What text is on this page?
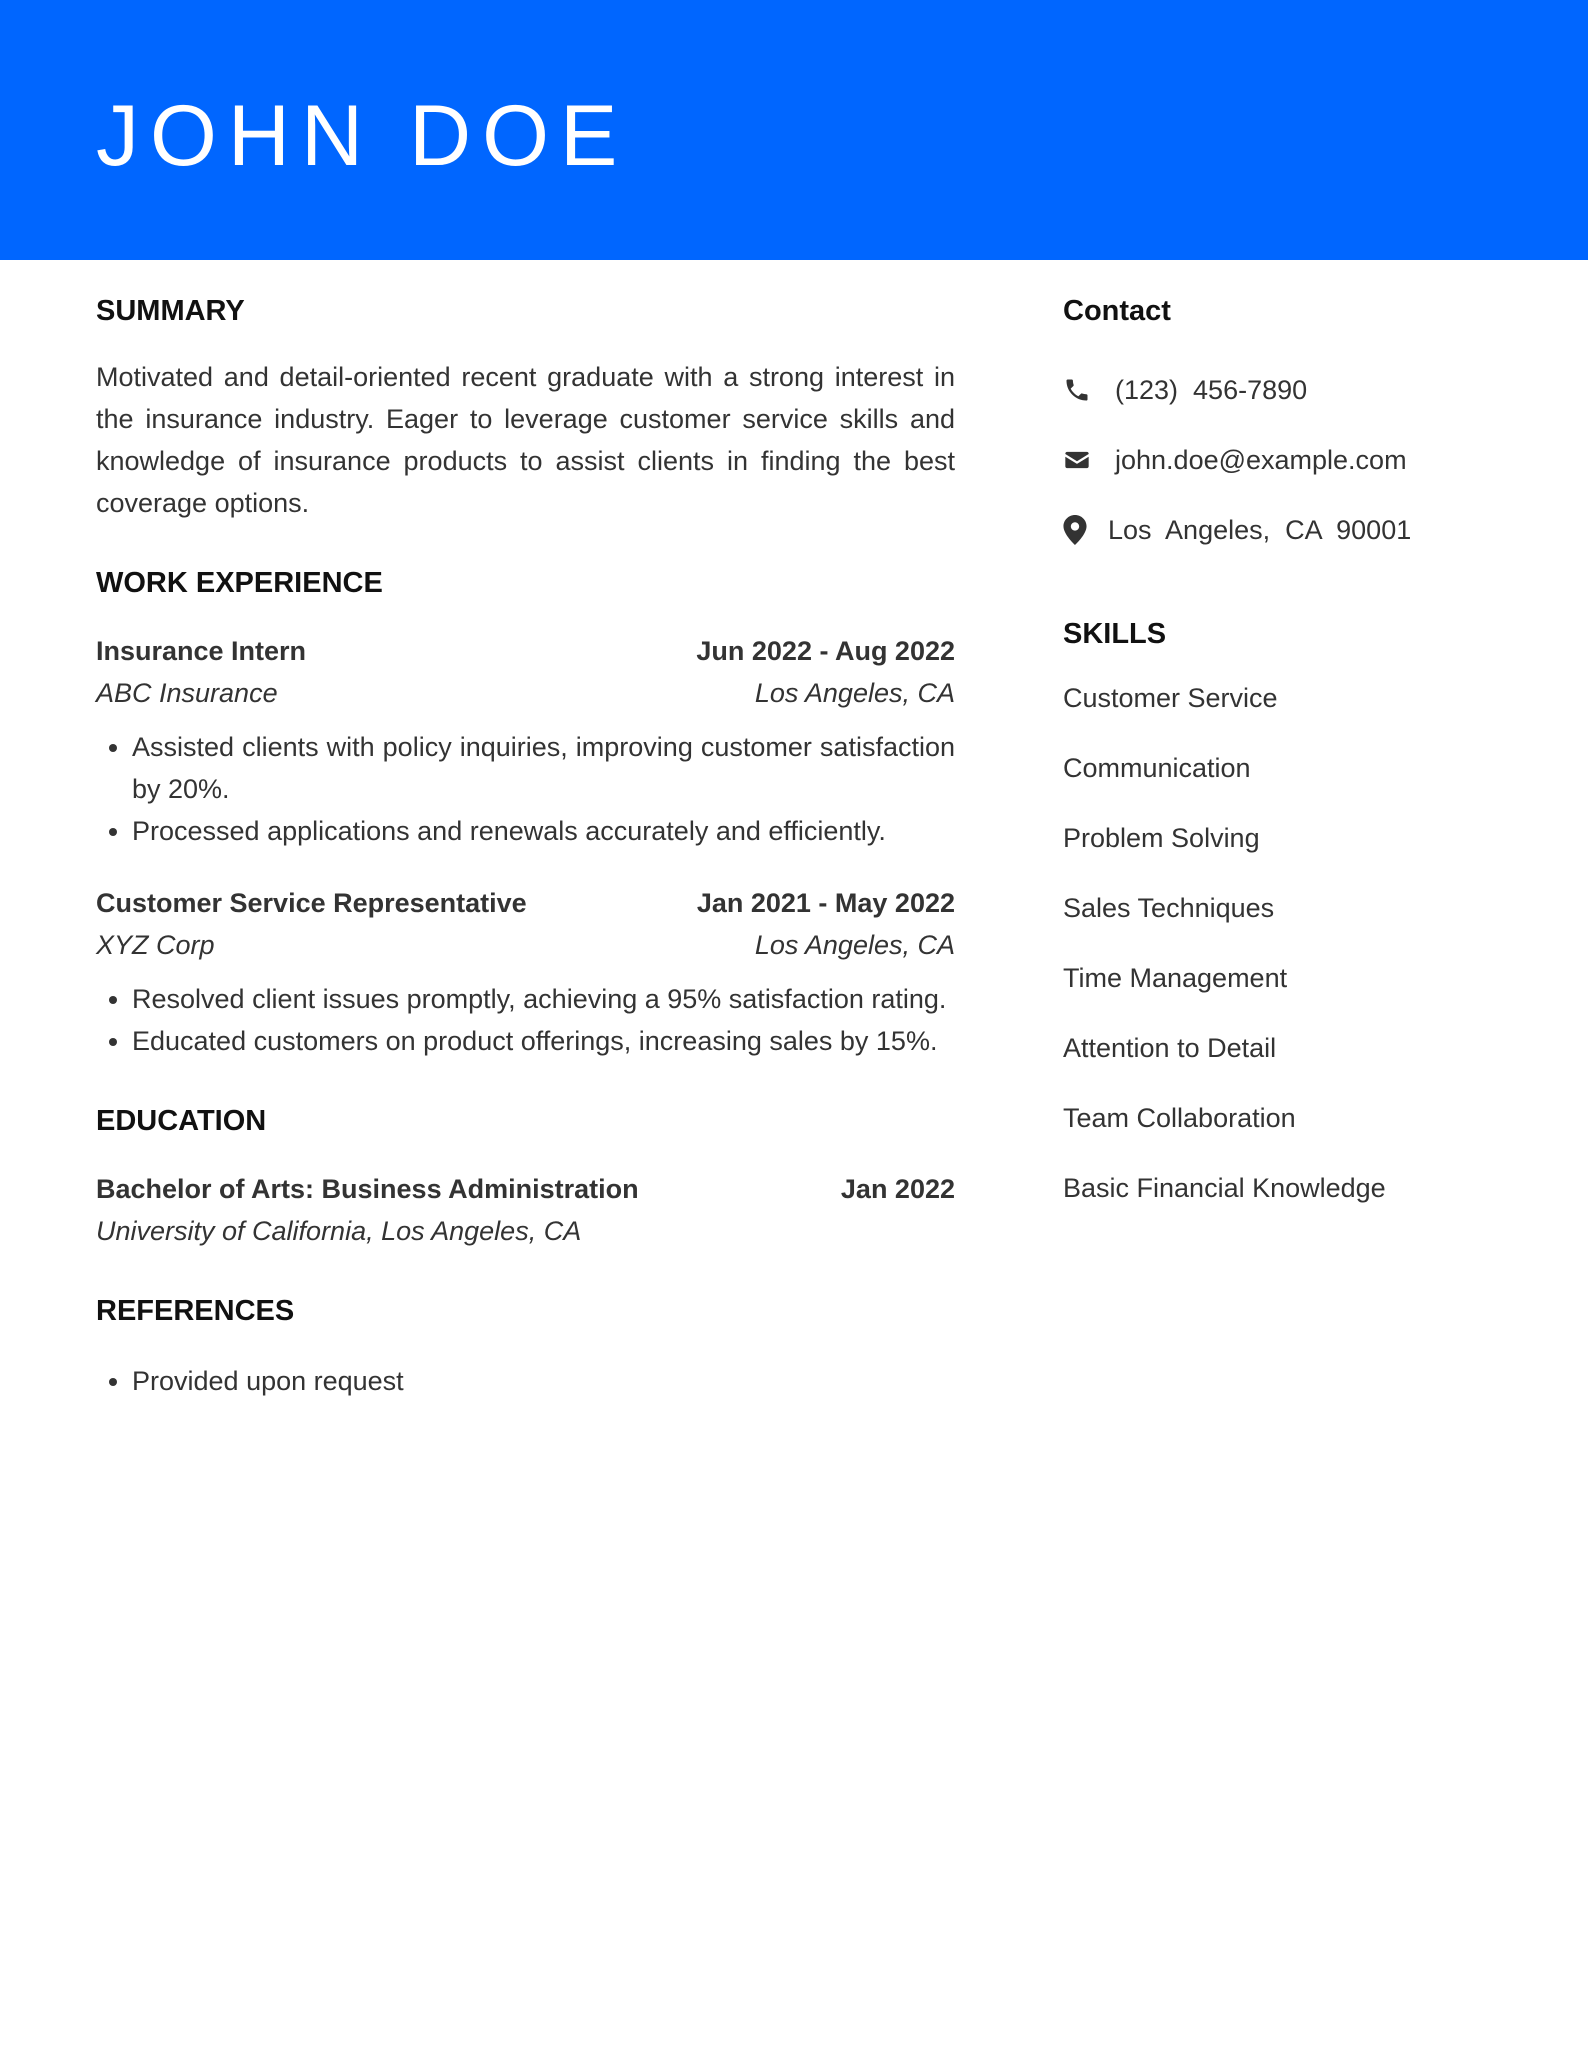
JOHN DOE
SUMMARY
Motivated and detail-oriented recent graduate with a strong interest in the insurance industry. Eager to leverage customer service skills and knowledge of insurance products to assist clients in finding the best coverage options.
WORK EXPERIENCE
Insurance Intern	Jun 2022 - Aug 2022
ABC Insurance	Los Angeles, CA
• Assisted clients with policy inquiries, improving customer satisfaction by 20%.
• Processed applications and renewals accurately and efficiently.
Customer Service Representative	Jan 2021 - May 2022
XYZ Corp	Los Angeles, CA
• Resolved client issues promptly, achieving a 95% satisfaction rating.
• Educated customers on product offerings, increasing sales by 15%.
EDUCATION
Bachelor of Arts: Business Administration	Jan 2022
University of California, Los Angeles, CA
REFERENCES
• Provided upon request
Contact
(123)  456-7890
john.doe@example.com
Los  Angeles,  CA  90001
SKILLS
Customer Service
Communication
Problem Solving
Sales Techniques
Time Management
Attention to Detail
Team Collaboration
Basic Financial Knowledge
